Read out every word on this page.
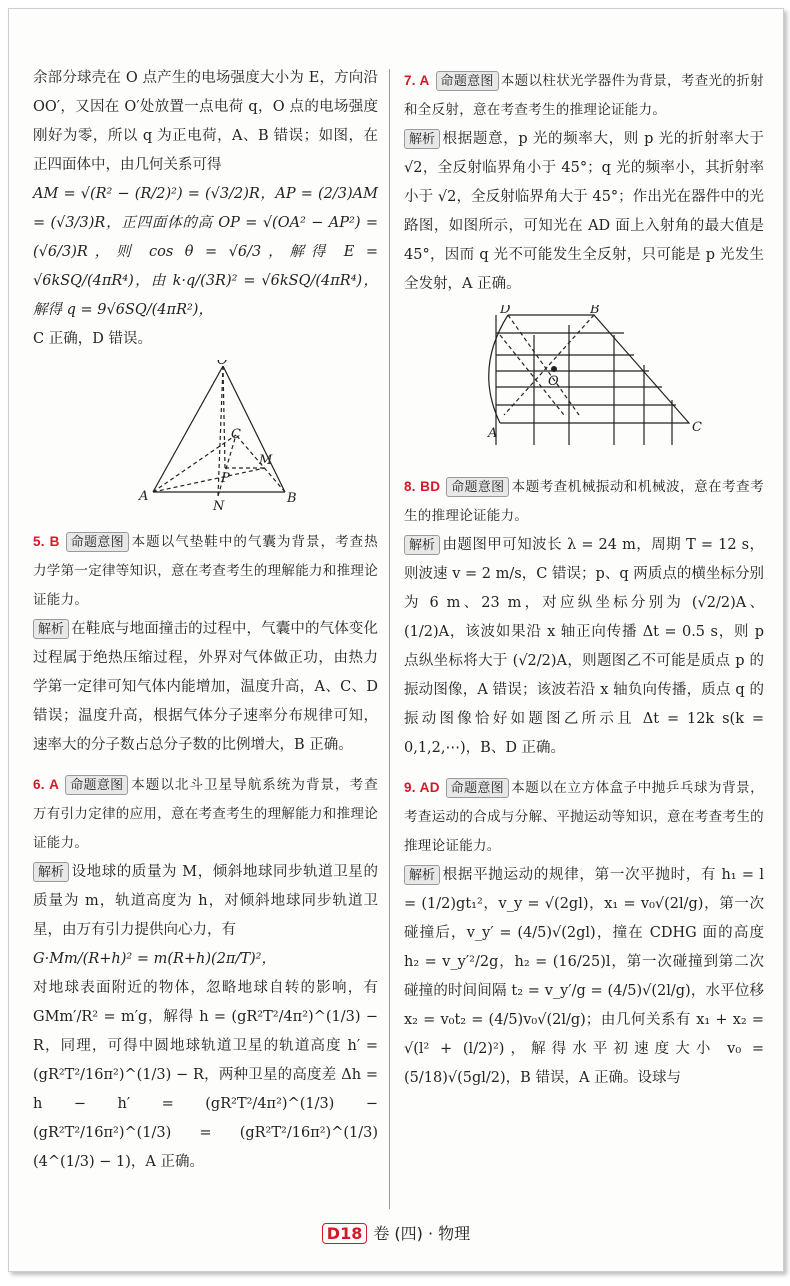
余部分球壳在 O 点产生的电场强度大小为 E，方向沿 OO′，又因在 O′处放置一点电荷 q，O 点的电场强度刚好为零，所以 q 为正电荷，A、B 错误；如图，在正四面体中，由几何关系可得

AM = √(R² − (R/2)²) = (√3/2)R，AP = (2/3)AM = (√3/3)R，正四面体的高 OP = √(OA² − AP²) = (√6/3)R，则 cos θ = √6/3，解得 E = √6kSQ/(4πR⁴)，由 k·q/(3R)² = √6kSQ/(4πR⁴)，解得 q = 9√6SQ/(4πR²)，

C 正确，D 错误。

O
C
M
P
A	B
N

5. B 命题意图 本题以气垫鞋中的气囊为背景，考查热力学第一定律等知识，意在考查考生的理解能力和推理论证能力。

解析 在鞋底与地面撞击的过程中，气囊中的气体变化过程属于绝热压缩过程，外界对气体做正功，由热力学第一定律可知气体内能增加，温度升高，A、C、D 错误；温度升高，根据气体分子速率分布规律可知，速率大的分子数占总分子数的比例增大，B 正确。

6. A 命题意图 本题以北斗卫星导航系统为背景，考查万有引力定律的应用，意在考查考生的理解能力和推理论证能力。

解析 设地球的质量为 M，倾斜地球同步轨道卫星的质量为 m，轨道高度为 h，对倾斜地球同步轨道卫星，由万有引力提供向心力，有

G·Mm/(R+h)² = m(R+h)(2π/T)²，

对地球表面附近的物体，忽略地球自转的影响，有 GMm′/R² = m′g，解得 h = (gR²T²/4π²)^(1/3) − R，同理，可得中圆地球轨道卫星的轨道高度 h′ = (gR²T²/16π²)^(1/3) − R，两种卫星的高度差 Δh = h − h′ = (gR²T²/4π²)^(1/3) − (gR²T²/16π²)^(1/3) = (gR²T²/16π²)^(1/3)(4^(1/3) − 1)，A 正确。

7. A 命题意图 本题以柱状光学器件为背景，考查光的折射和全反射，意在考查考生的推理论证能力。

解析 根据题意，p 光的频率大，则 p 光的折射率大于 √2，全反射临界角小于 45°；q 光的频率小，其折射率小于 √2，全反射临界角大于 45°；作出光在器件中的光路图，如图所示，可知光在 AD 面上入射角的最大值是 45°，因而 q 光不可能发生全反射，只可能是 p 光发生全发射，A 正确。

D	B
O
A	C

8. BD 命题意图 本题考查机械振动和机械波，意在考查考生的推理论证能力。

解析 由题图甲可知波长 λ = 24 m，周期 T = 12 s，则波速 v = 2 m/s，C 错误；p、q 两质点的横坐标分别为 6 m、23 m，对应纵坐标分别为 (√2/2)A、(1/2)A，该波如果沿 x 轴正向传播 Δt = 0.5 s，则 p 点纵坐标将大于 (√2/2)A，则题图乙不可能是质点 p 的振动图像，A 错误；该波若沿 x 轴负向传播，质点 q 的振动图像恰好如题图乙所示且 Δt = 12k s(k = 0,1,2,⋯)，B、D 正确。

9. AD 命题意图 本题以在立方体盒子中抛乒乓球为背景，考查运动的合成与分解、平抛运动等知识，意在考查考生的推理论证能力。

解析 根据平抛运动的规律，第一次平抛时，有 h₁ = l = (1/2)gt₁²，v_y = √(2gl)，x₁ = v₀√(2l/g)，第一次碰撞后，v_y′ = (4/5)√(2gl)，撞在 CDHG 面的高度 h₂ = v_y′²/2g，h₂ = (16/25)l，第一次碰撞到第二次碰撞的时间间隔 t₂ = v_y′/g = (4/5)√(2l/g)，水平位移 x₂ = v₀t₂ = (4/5)v₀√(2l/g)；由几何关系有 x₁ + x₂ = √(l² + (l/2)²)，解得水平初速度大小 v₀ = (5/18)√(5gl/2)，B 错误，A 正确。设球与

D18 卷 (四) · 物理
